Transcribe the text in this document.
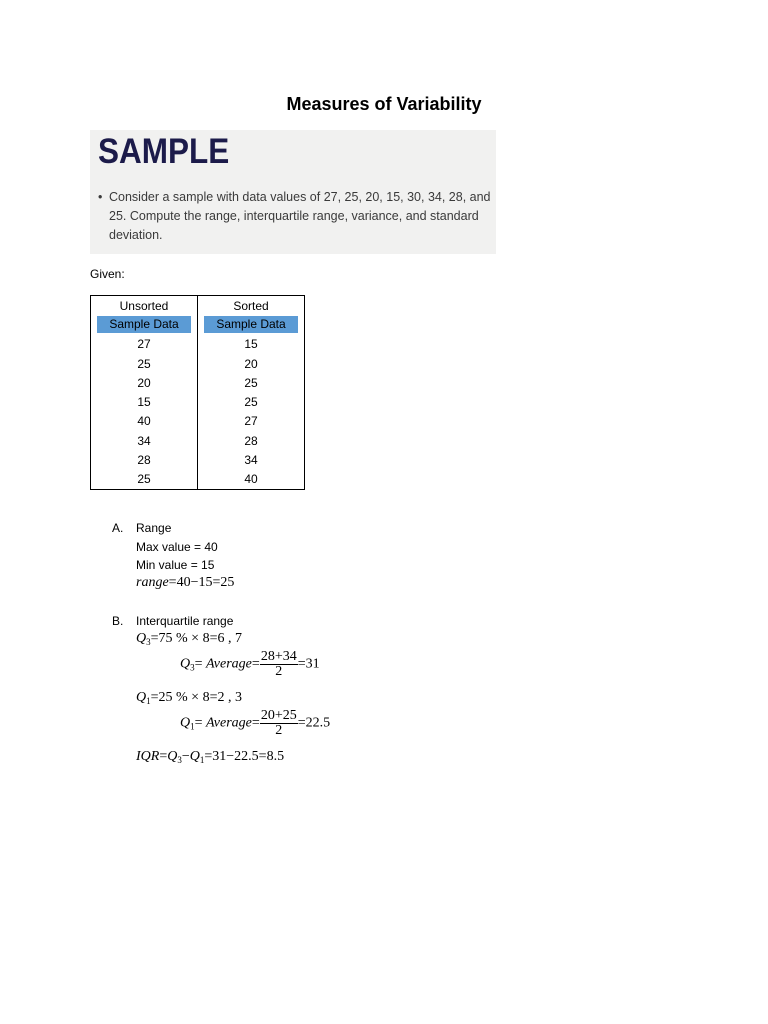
Measures of Variability
SAMPLE
• Consider a sample with data values of 27, 25, 20, 15, 30, 34, 28, and 25. Compute the range, interquartile range, variance, and standard deviation.
Given:
Unsorted	Sorted

Sample Data	Sample Data

27	15
25	20
20	25
15	25
40	27
34	28
28	34
25	40
A. Range
Max value = 40
Min value = 15
range=40−15=25
B. Interquartile range
$Q_3=75$ % × 8=6 , 7
$Q_3=$ Average= $\frac{28+34}{2} =31$
$Q_1=25$ % × 8=2 , 3
$Q_1=$ Average= $\frac{20+25}{2} =22.5$
$IQR=Q_3-Q_1=31-22.5=8.5$
